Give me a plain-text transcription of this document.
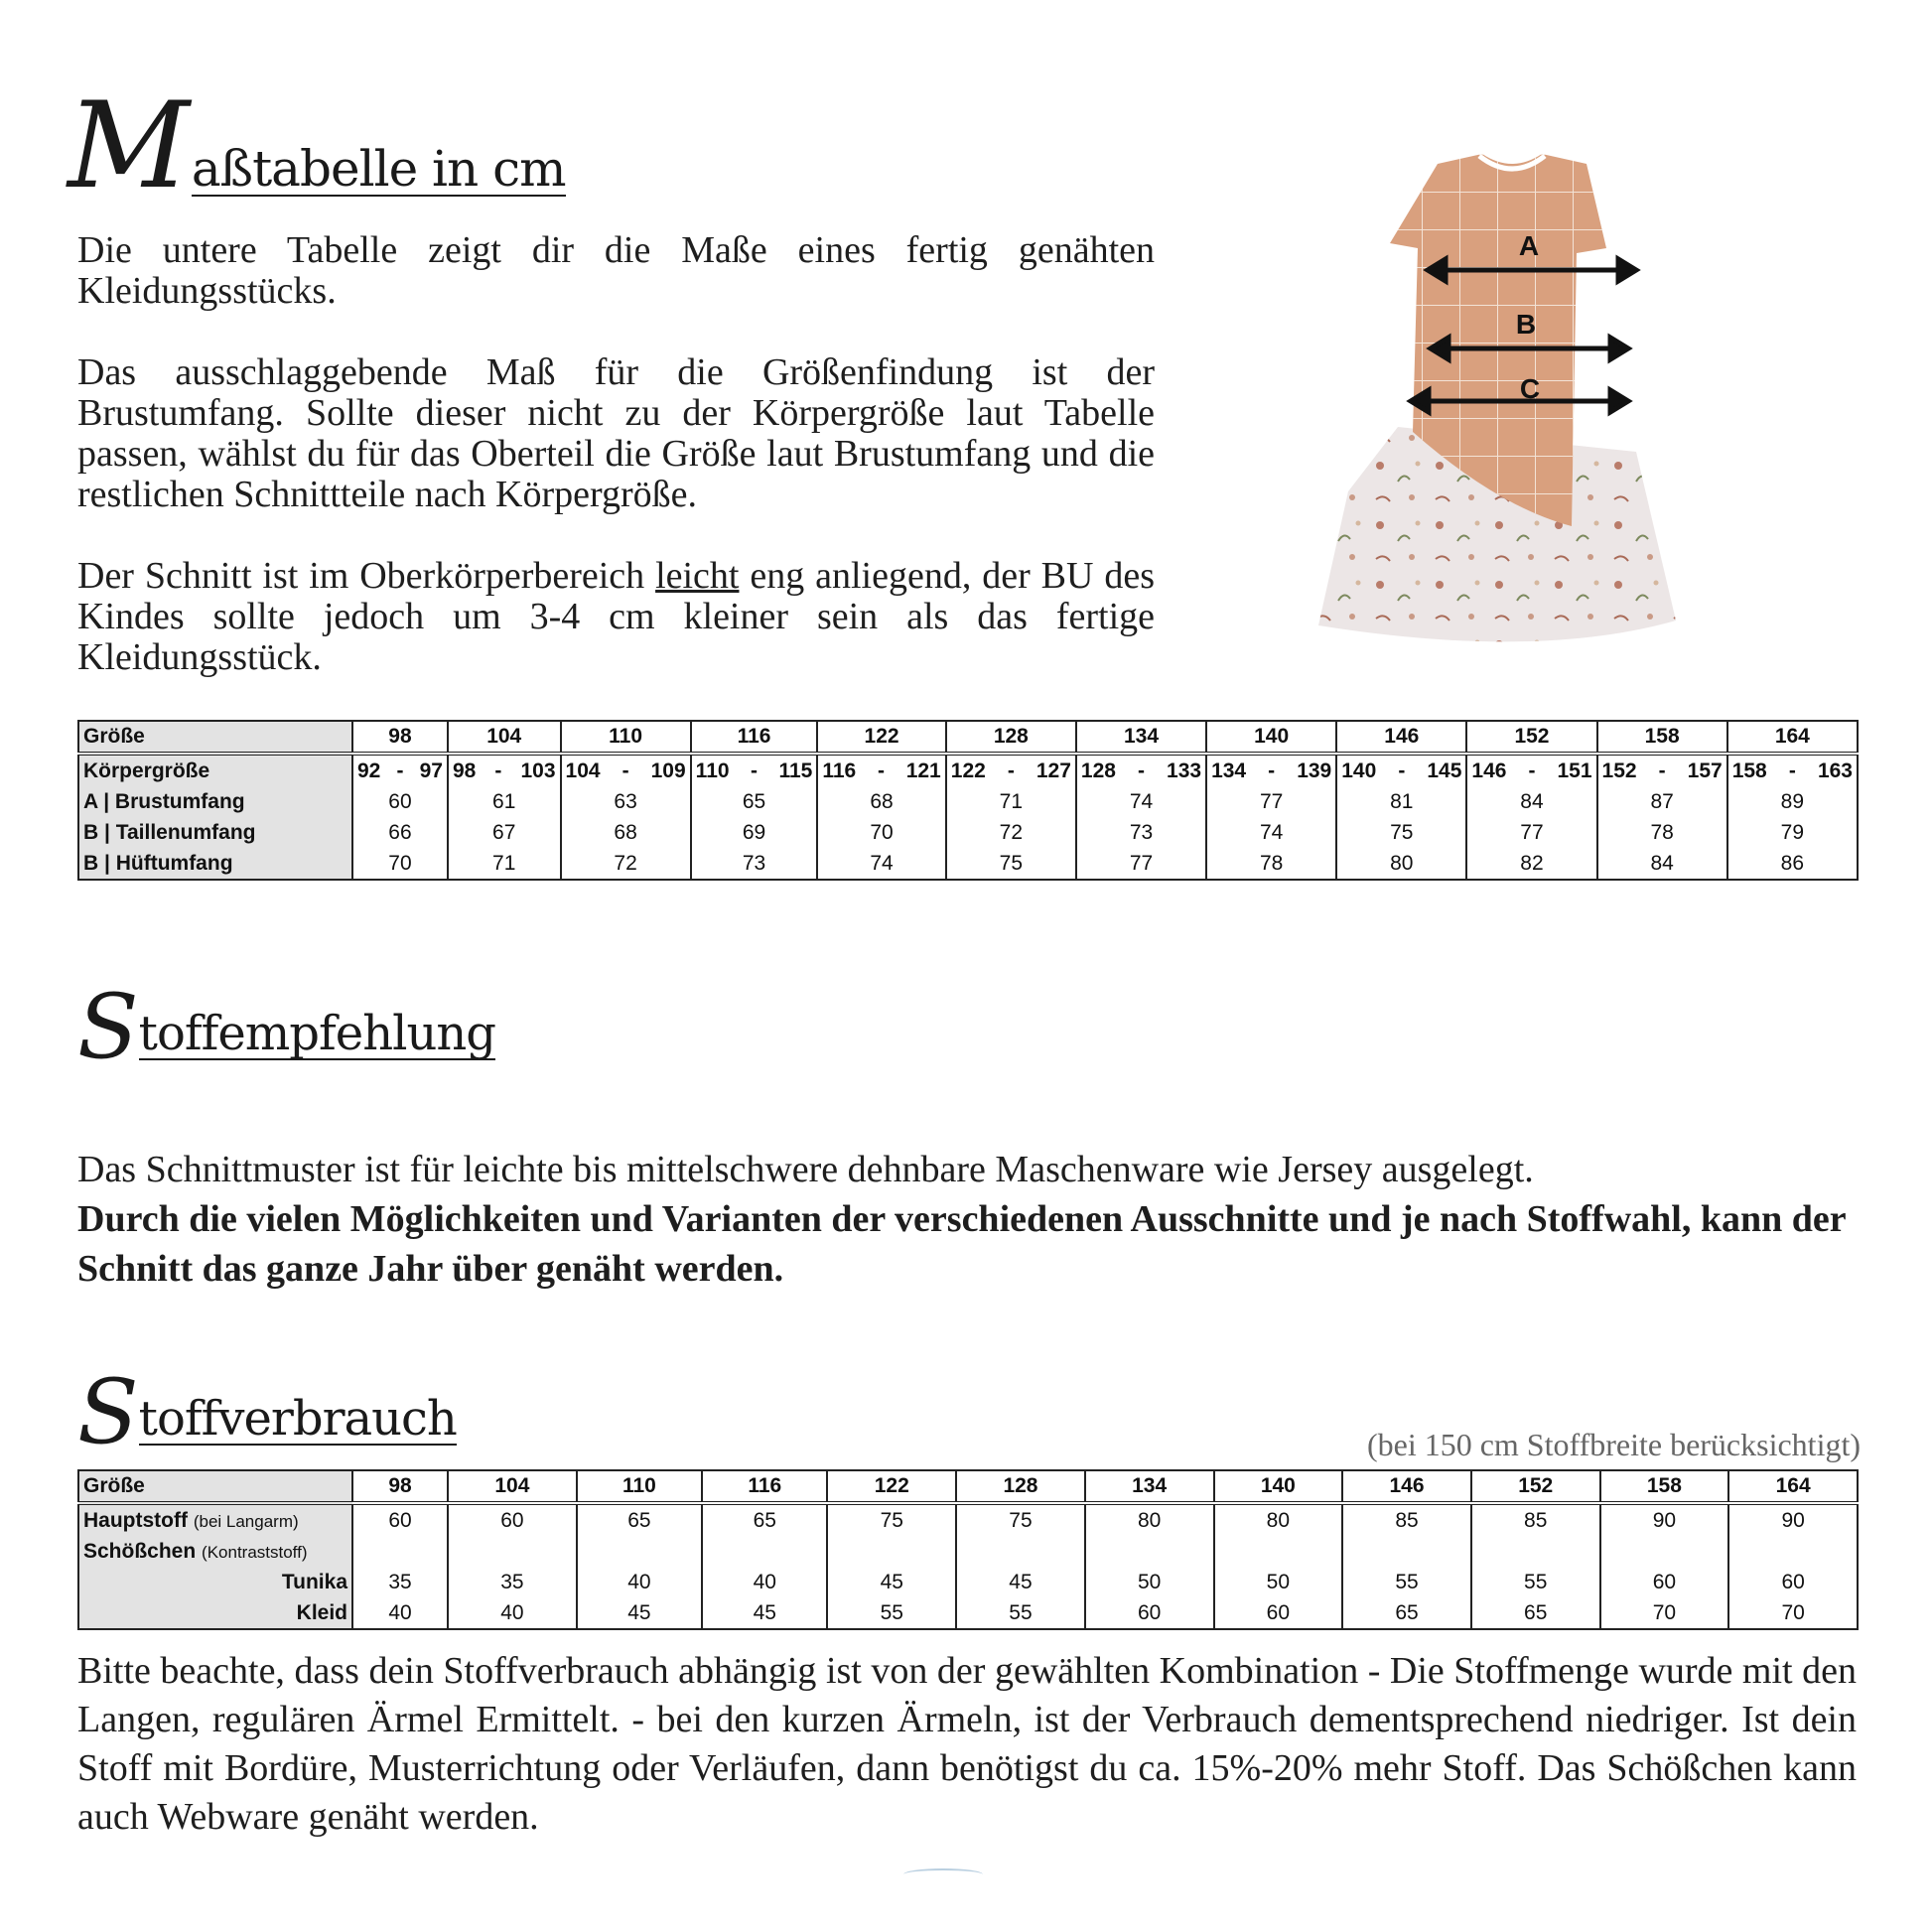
M aßtabelle in cm

Die untere Tabelle zeigt dir die Maße eines fertig genähten Kleidungsstücks.

Das ausschlaggebende Maß für die Größenfindung ist der Brustumfang. Sollte dieser nicht zu der Körpergröße laut Tabelle passen, wählst du für das Oberteil die Größe laut Brustumfang und die restlichen Schnittteile nach Körpergröße.

Der Schnitt ist im Oberkörperbereich leicht eng anliegend, der BU des Kindes sollte jedoch um 3-4 cm kleiner sein als das fertige Kleidungsstück.

A
B
C
Größe	98	104	110	116	122	128	134	140	146	152	158	164
Körpergröße	92 - 97	98 - 103	104 - 109	110 - 115	116 - 121	122 - 127	128 - 133	134 - 139	140 - 145	146 - 151	152 - 157	158 - 163

A | Brustumfang	60	61	63	65	68	71	74	77	81	84	87	89
B | Taillenumfang	66	67	68	69	70	72	73	74	75	77	78	79
B | Hüftumfang	70	71	72	73	74	75	77	78	80	82	84	86
S toffempfehlung

Das Schnittmuster ist für leichte bis mittelschwere dehnbare Maschenware wie Jersey ausgelegt.

Durch die vielen Möglichkeiten und Varianten der verschiedenen Ausschnitte und je nach Stoffwahl, kann der Schnitt das ganze Jahr über genäht werden.

S toffverbrauch	(bei 150 cm Stoffbreite berücksichtigt)
Größe	98	104	110	116	122	128	134	140	146	152	158	164
Hauptstoff (bei Langarm)	60	60	65	65	75	75	80	80	85	85	90	90
Schößchen (Kontraststoff)												
Tunika	35	35	40	40	45	45	50	50	55	55	60	60
Kleid	40	40	45	45	55	55	60	60	65	65	70	70
Bitte beachte, dass dein Stoffverbrauch abhängig ist von der gewählten Kombination - Die Stoffmenge wurde mit den Langen, regulären Ärmel Ermittelt. - bei den kurzen Ärmeln, ist der Verbrauch dementsprechend niedriger. Ist dein Stoff mit Bordüre, Musterrichtung oder Verläufen, dann benötigst du ca. 15%-20% mehr Stoff. Das Schößchen kann auch Webware genäht werden.
